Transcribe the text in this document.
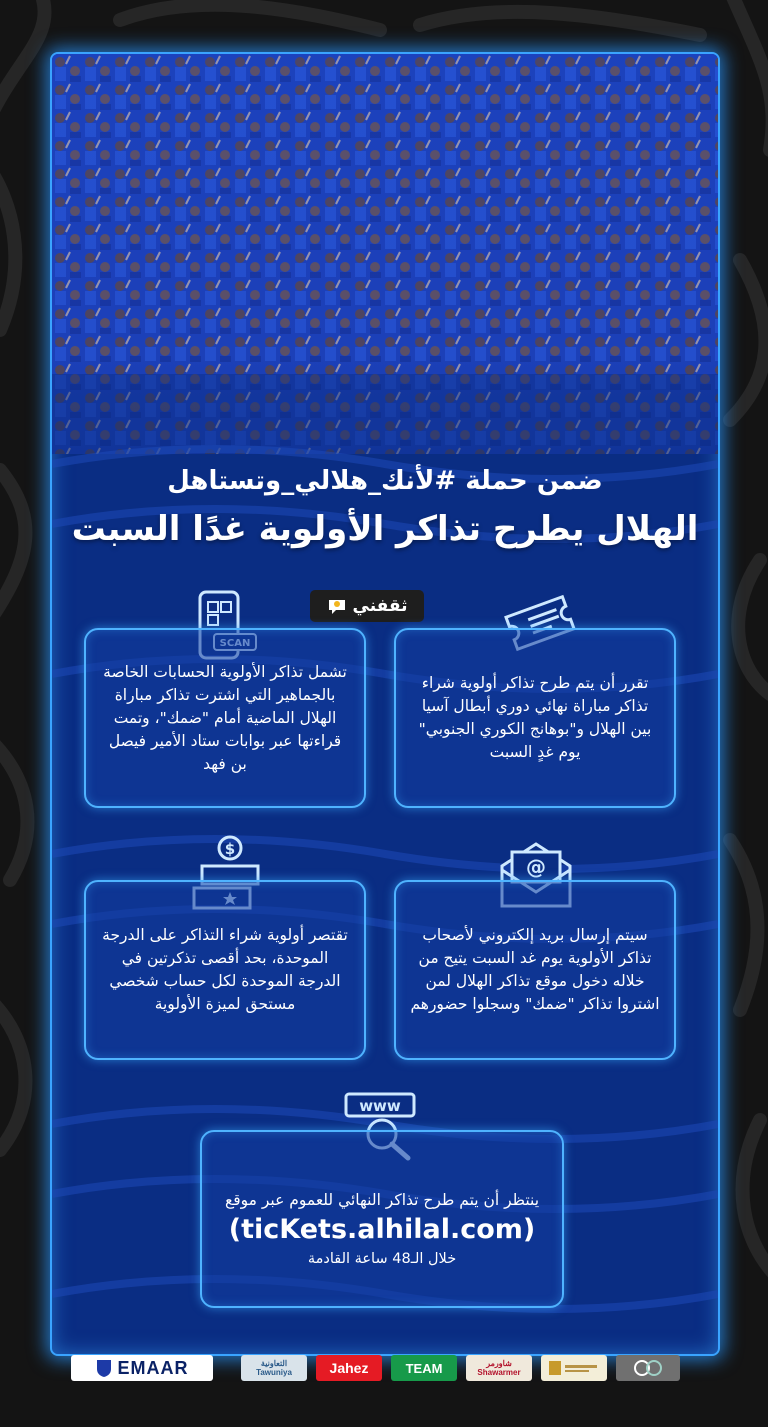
ضمن حملة #لأنك_هلالي_وتستاهل
الهلال يطرح تذاكر الأولوية غدًا السبت
ثقفني

تقرر أن يتم طرح تذاكر أولوية شراء تذاكر مباراة نهائي دوري أبطال آسيا بين الهلال و"بوهانج الكوري الجنوبي" يوم غدٍ السبت

تشمل تذاكر الأولوية الحسابات الخاصة بالجماهير التي اشترت تذاكر مباراة الهلال الماضية أمام "ضمك"، وتمت قراءتها عبر بوابات ستاد الأمير فيصل بن فهد

@
$

سيتم إرسال بريد إلكتروني لأصحاب تذاكر الأولوية يوم غد السبت يتيح من خلاله دخول موقع تذاكر الهلال لمن اشتروا تذاكر "ضمك" وسجلوا حضورهم

تقتصر أولوية شراء التذاكر على الدرجة الموحدة، بحد أقصى تذكرتين في الدرجة الموحدة لكل حساب شخصي مستحق لميزة الأولوية

www

ينتظر أن يتم طرح تذاكر النهائي للعموم عبر موقع

(ticKets.alhilal.com)

خلال الـ48 ساعة القادمة

EMAAR	التعاونية
Tawuniya	Jahez	TEAM	شاورمر
Shawarmer
